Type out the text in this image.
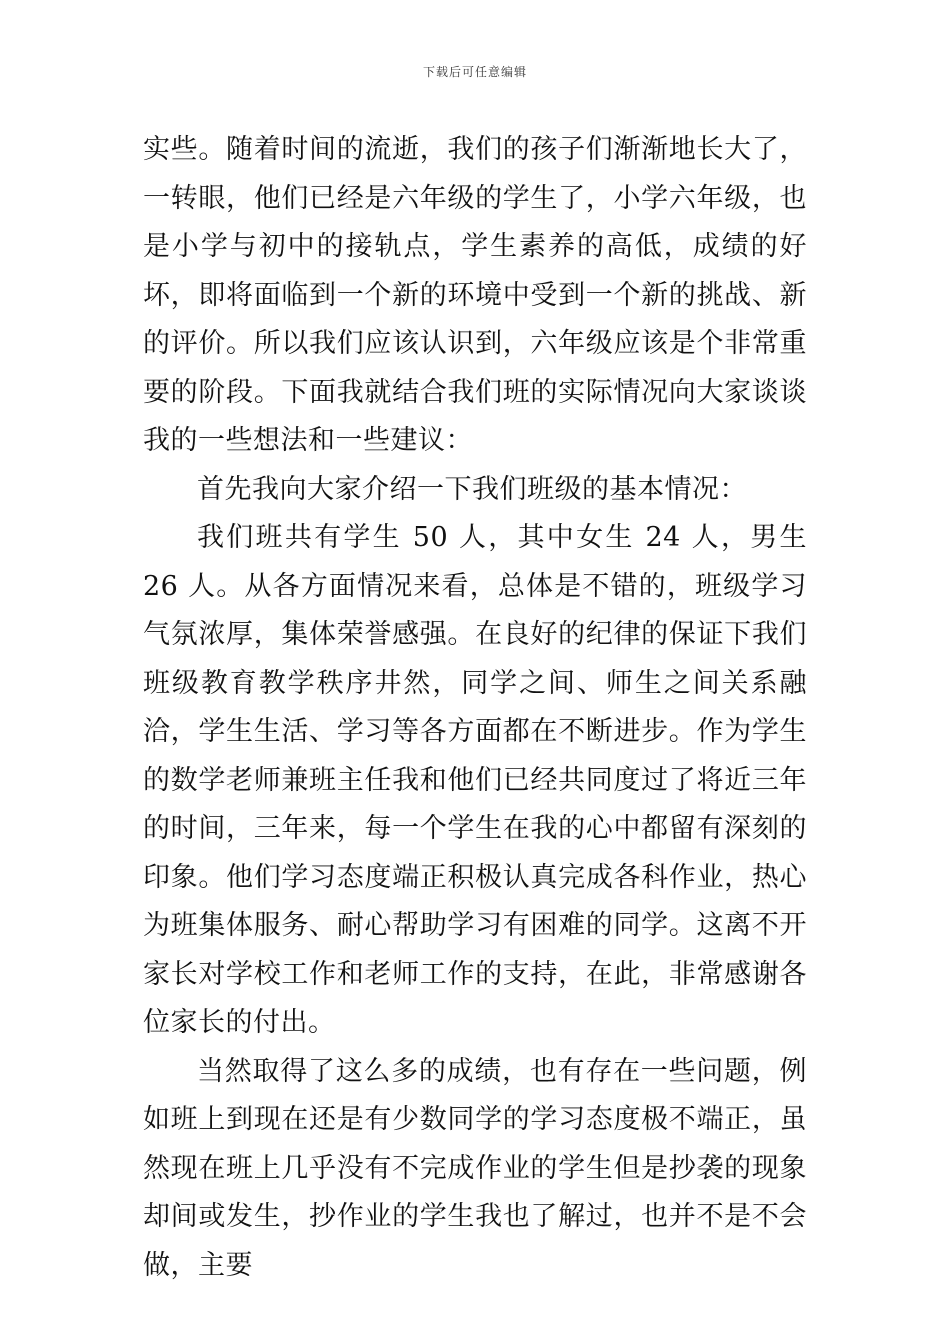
下载后可任意编辑

实些。随着时间的流逝，我们的孩子们渐渐地长大了，一转眼，他们已经是六年级的学生了，小学六年级，也是小学与初中的接轨点，学生素养的高低，成绩的好坏，即将面临到一个新的环境中受到一个新的挑战、新的评价。所以我们应该认识到，六年级应该是个非常重要的阶段。下面我就结合我们班的实际情况向大家谈谈我的一些想法和一些建议：

首先我向大家介绍一下我们班级的基本情况：

我们班共有学生 50 人，其中女生 24 人，男生 26 人。从各方面情况来看，总体是不错的，班级学习气氛浓厚，集体荣誉感强。在良好的纪律的保证下我们班级教育教学秩序井然，同学之间、师生之间关系融洽，学生生活、学习等各方面都在不断进步。作为学生的数学老师兼班主任我和他们已经共同度过了将近三年的时间，三年来，每一个学生在我的心中都留有深刻的印象。他们学习态度端正积极认真完成各科作业，热心为班集体服务、耐心帮助学习有困难的同学。这离不开家长对学校工作和老师工作的支持，在此，非常感谢各位家长的付出。

当然取得了这么多的成绩，也有存在一些问题，例如班上到现在还是有少数同学的学习态度极不端正，虽然现在班上几乎没有不完成作业的学生但是抄袭的现象却间或发生，抄作业的学生我也了解过，也并不是不会做，主要
